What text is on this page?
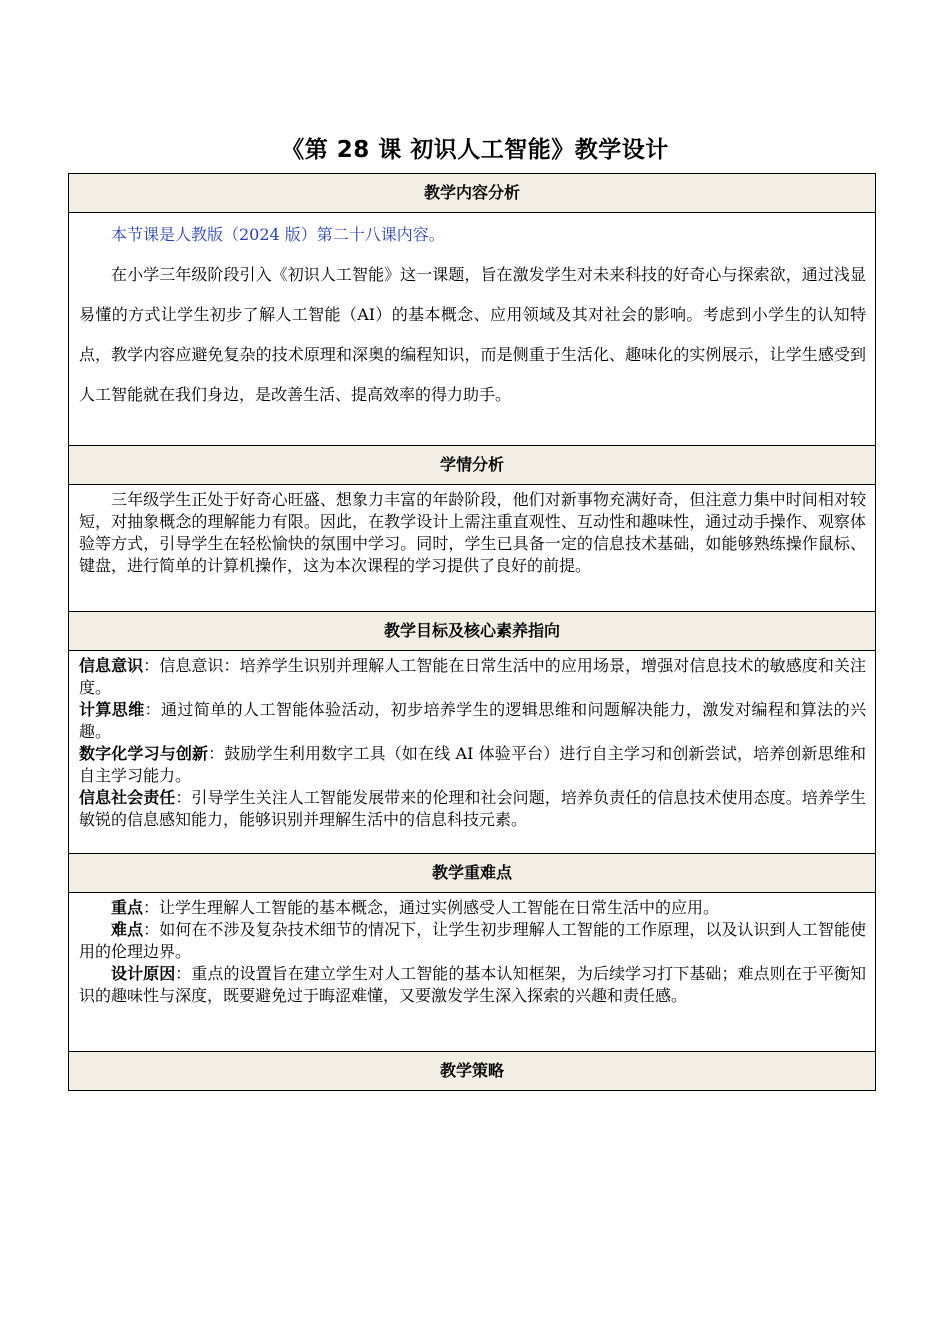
《第 28 课 初识人工智能》教学设计
教学内容分析

本节课是人教版（2024 版）第二十八课内容。

在小学三年级阶段引入《初识人工智能》这一课题，旨在激发学生对未来科技的好奇心与探索欲，通过浅显易懂的方式让学生初步了解人工智能（AI）的基本概念、应用领域及其对社会的影响。考虑到小学生的认知特点，教学内容应避免复杂的技术原理和深奥的编程知识，而是侧重于生活化、趣味化的实例展示，让学生感受到人工智能就在我们身边，是改善生活、提高效率的得力助手。

学情分析

三年级学生正处于好奇心旺盛、想象力丰富的年龄阶段，他们对新事物充满好奇，但注意力集中时间相对较短，对抽象概念的理解能力有限。因此，在教学设计上需注重直观性、互动性和趣味性，通过动手操作、观察体验等方式，引导学生在轻松愉快的氛围中学习。同时，学生已具备一定的信息技术基础，如能够熟练操作鼠标、键盘，进行简单的计算机操作，这为本次课程的学习提供了良好的前提。

教学目标及核心素养指向

信息意识：信息意识：培养学生识别并理解人工智能在日常生活中的应用场景，增强对信息技术的敏感度和关注度。

计算思维：通过简单的人工智能体验活动，初步培养学生的逻辑思维和问题解决能力，激发对编程和算法的兴趣。

数字化学习与创新：鼓励学生利用数字工具（如在线 AI 体验平台）进行自主学习和创新尝试，培养创新思维和自主学习能力。

信息社会责任：引导学生关注人工智能发展带来的伦理和社会问题，培养负责任的信息技术使用态度。培养学生敏锐的信息感知能力，能够识别并理解生活中的信息科技元素。

教学重难点

重点：让学生理解人工智能的基本概念，通过实例感受人工智能在日常生活中的应用。

难点：如何在不涉及复杂技术细节的情况下，让学生初步理解人工智能的工作原理，以及认识到人工智能使用的伦理边界。

设计原因：重点的设置旨在建立学生对人工智能的基本认知框架，为后续学习打下基础；难点则在于平衡知识的趣味性与深度，既要避免过于晦涩难懂，又要激发学生深入探索的兴趣和责任感。

教学策略
